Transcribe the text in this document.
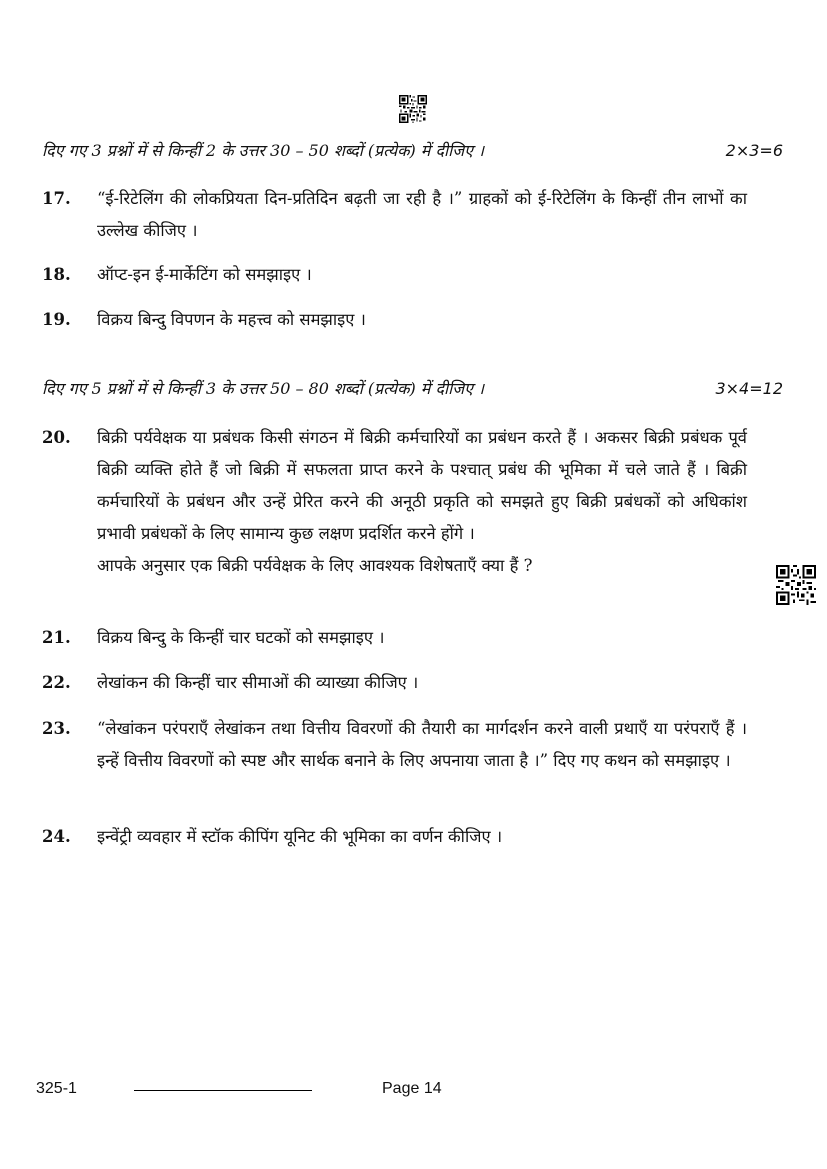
दिए गए 3 प्रश्नों में से किन्हीं 2 के उत्तर 30 – 50 शब्दों (प्रत्येक) में दीजिए ।	2×3=6
17. “ई-रिटेलिंग की लोकप्रियता दिन-प्रतिदिन बढ़ती जा रही है ।” ग्राहकों को ई-रिटेलिंग के किन्हीं तीन लाभों का उल्लेख कीजिए ।

18. ऑप्ट-इन ई-मार्केटिंग को समझाइए ।

19. विक्रय बिन्दु विपणन के महत्त्व को समझाइए ।

दिए गए 5 प्रश्नों में से किन्हीं 3 के उत्तर 50 – 80 शब्दों (प्रत्येक) में दीजिए ।	3×4=12
20. बिक्री पर्यवेक्षक या प्रबंधक किसी संगठन में बिक्री कर्मचारियों का प्रबंधन करते हैं । अकसर बिक्री प्रबंधक पूर्व बिक्री व्यक्ति होते हैं जो बिक्री में सफलता प्राप्त करने के पश्चात् प्रबंध की भूमिका में चले जाते हैं । बिक्री कर्मचारियों के प्रबंधन और उन्हें प्रेरित करने की अनूठी प्रकृति को समझते हुए बिक्री प्रबंधकों को अधिकांश प्रभावी प्रबंधकों के लिए सामान्य कुछ लक्षण प्रदर्शित करने होंगे ।

आपके अनुसार एक बिक्री पर्यवेक्षक के लिए आवश्यक विशेषताएँ क्या हैं ?

21. विक्रय बिन्दु के किन्हीं चार घटकों को समझाइए ।

22. लेखांकन की किन्हीं चार सीमाओं की व्याख्या कीजिए ।

23. “लेखांकन परंपराएँ लेखांकन तथा वित्तीय विवरणों की तैयारी का मार्गदर्शन करने वाली प्रथाएँ या परंपराएँ हैं । इन्हें वित्तीय विवरणों को स्पष्ट और सार्थक बनाने के लिए अपनाया जाता है ।” दिए गए कथन को समझाइए ।

24. इन्वेंट्री व्यवहार में स्टॉक कीपिंग यूनिट की भूमिका का वर्णन कीजिए ।

325-1	Page 14
